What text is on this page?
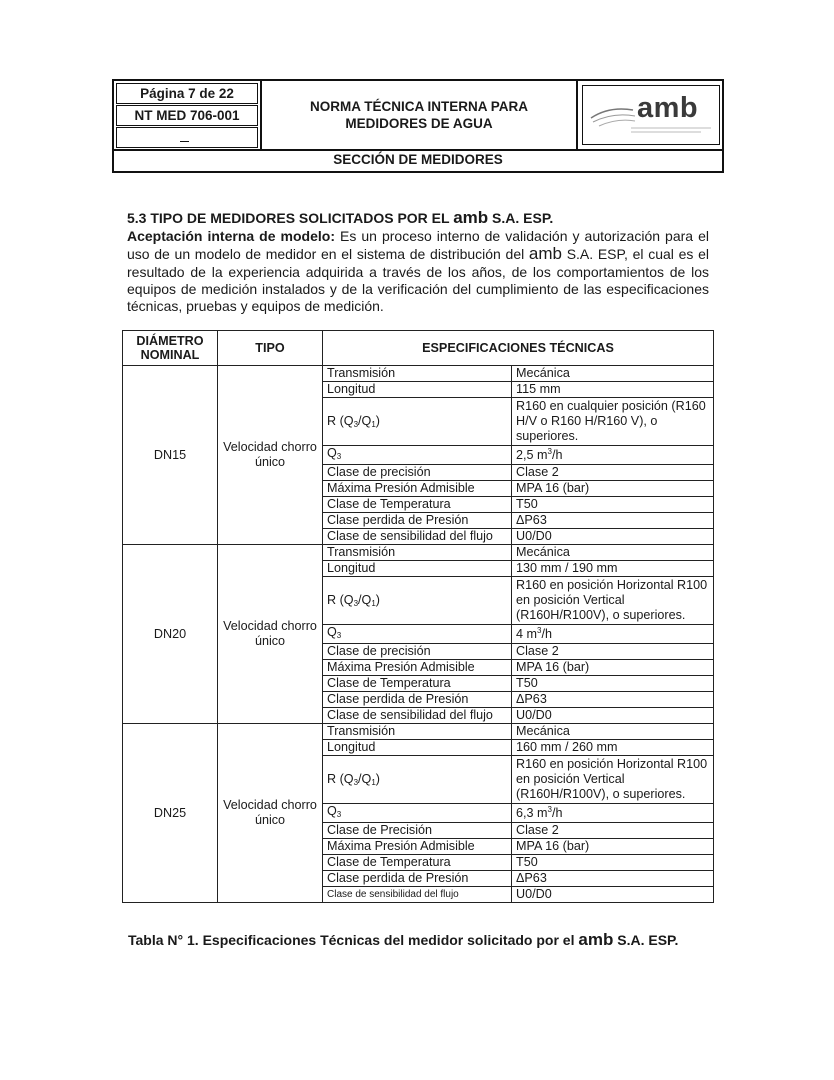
Página 7 de 22
NT MED 706-001
NORMA TÉCNICA INTERNA PARA
MEDIDORES DE AGUA	amb
SECCIÓN DE MEDIDORES
5.3 TIPO DE MEDIDORES SOLICITADOS POR EL amb S.A. ESP.
Aceptación interna de modelo: Es un proceso interno de validación y autorización para el uso de un modelo de medidor en el sistema de distribución del amb S.A. ESP, el cual es el resultado de la experiencia adquirida a través de los años, de los comportamientos de los equipos de medición instalados y de la verificación del cumplimiento de las especificaciones técnicas, pruebas y equipos de medición.
DIÁMETRO NOMINAL	TIPO	ESPECIFICACIONES TÉCNICAS	
DN15	Velocidad chorro único	Transmisión	Mecánica
		Longitud	115 mm
		R $(Q_3/Q_1)$	R160 en cualquier posición (R160 H/V o R160 H/R160 V), o superiores.
		$Q_3$	2,5 $m^3/h$
		Clase de precisión	Clase 2
		Máxima Presión Admisible	MPA 16 (bar)
		Clase de Temperatura	T50
		Clase perdida de Presión	ΔP63
		Clase de sensibilidad del flujo	U0/D0
DN20	Velocidad chorro único	Transmisión	Mecánica
		Longitud	130 mm / 190 mm
		R $(Q_3/Q_1)$	R160 en posición Horizontal R100 en posición Vertical (R160H/R100V), o superiores.
		$Q_3$	4 $m^3/h$
		Clase de precisión	Clase 2
		Máxima Presión Admisible	MPA 16 (bar)
		Clase de Temperatura	T50
		Clase perdida de Presión	ΔP63
		Clase de sensibilidad del flujo	U0/D0
DN25	Velocidad chorro único	Transmisión	Mecánica
		Longitud	160 mm / 260 mm
		R $(Q_3/Q_1)$	R160 en posición Horizontal R100 en posición Vertical (R160H/R100V), o superiores.
		$Q_3$	6,3 $m^3/h$
		Clase de Precisión	Clase 2
		Máxima Presión Admisible	MPA 16 (bar)
		Clase de Temperatura	T50
		Clase perdida de Presión	ΔP63
		Clase de sensibilidad del flujo	U0/D0
Tabla N° 1. Especificaciones Técnicas del medidor solicitado por el amb S.A. ESP.
